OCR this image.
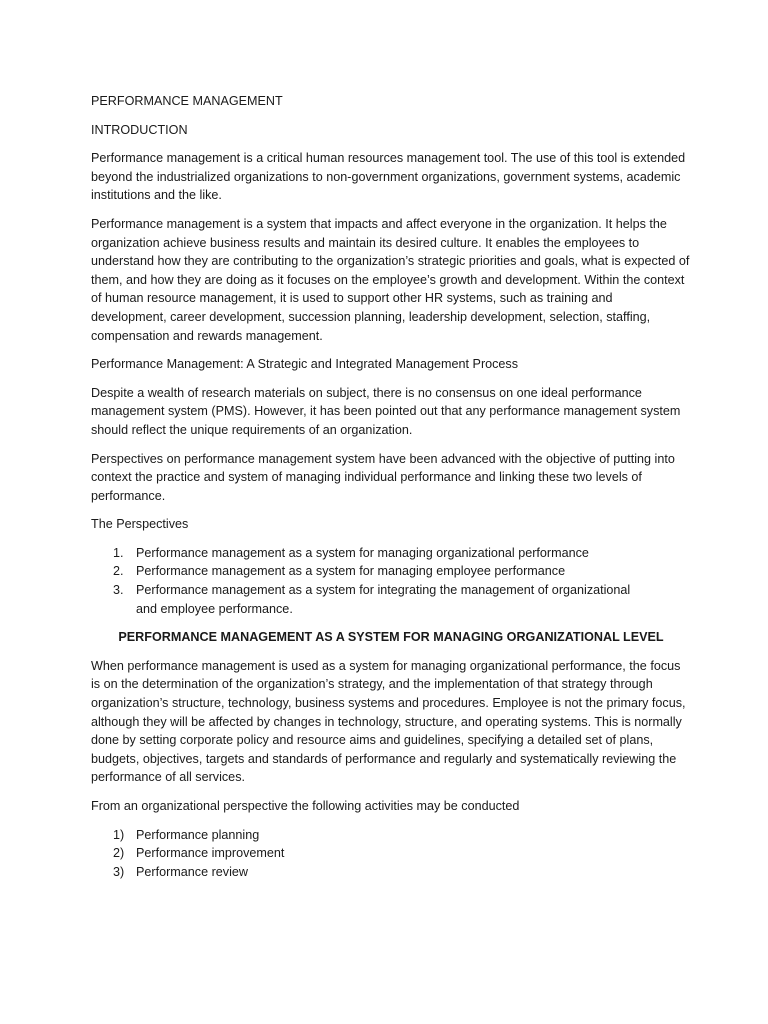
PERFORMANCE MANAGEMENT
INTRODUCTION

Performance management is a critical human resources management tool. The use of this tool is extended beyond the industrialized organizations to non-government organizations, government systems, academic institutions and the like.

Performance management is a system that impacts and affect everyone in the organization. It helps the organization achieve business results and maintain its desired culture. It enables the employees to understand how they are contributing to the organization’s strategic priorities and goals, what is expected of them, and how they are doing as it focuses on the employee’s growth and development. Within the context of human resource management, it is used to support other HR systems, such as training and development, career development, succession planning, leadership development, selection, staffing, compensation and rewards management.

Performance Management: A Strategic and Integrated Management Process

Despite a wealth of research materials on subject, there is no consensus on one ideal performance management system (PMS). However, it has been pointed out that any performance management system should reflect the unique requirements of an organization.

Perspectives on performance management system have been advanced with the objective of putting into context the practice and system of managing individual performance and linking these two levels of performance.

The Perspectives
1. Performance management as a system for managing organizational performance
2. Performance management as a system for managing employee performance
3. Performance management as a system for integrating the management of organizational and employee performance.
PERFORMANCE MANAGEMENT AS A SYSTEM FOR MANAGING ORGANIZATIONAL LEVEL

When performance management is used as a system for managing organizational performance, the focus is on the determination of the organization’s strategy, and the implementation of that strategy through organization’s structure, technology, business systems and procedures. Employee is not the primary focus, although they will be affected by changes in technology, structure, and operating systems. This is normally done by setting corporate policy and resource aims and guidelines, specifying a detailed set of plans, budgets, objectives, targets and standards of performance and regularly and systematically reviewing the performance of all services.

From an organizational perspective the following activities may be conducted

1) Performance planning
2) Performance improvement
3) Performance review
